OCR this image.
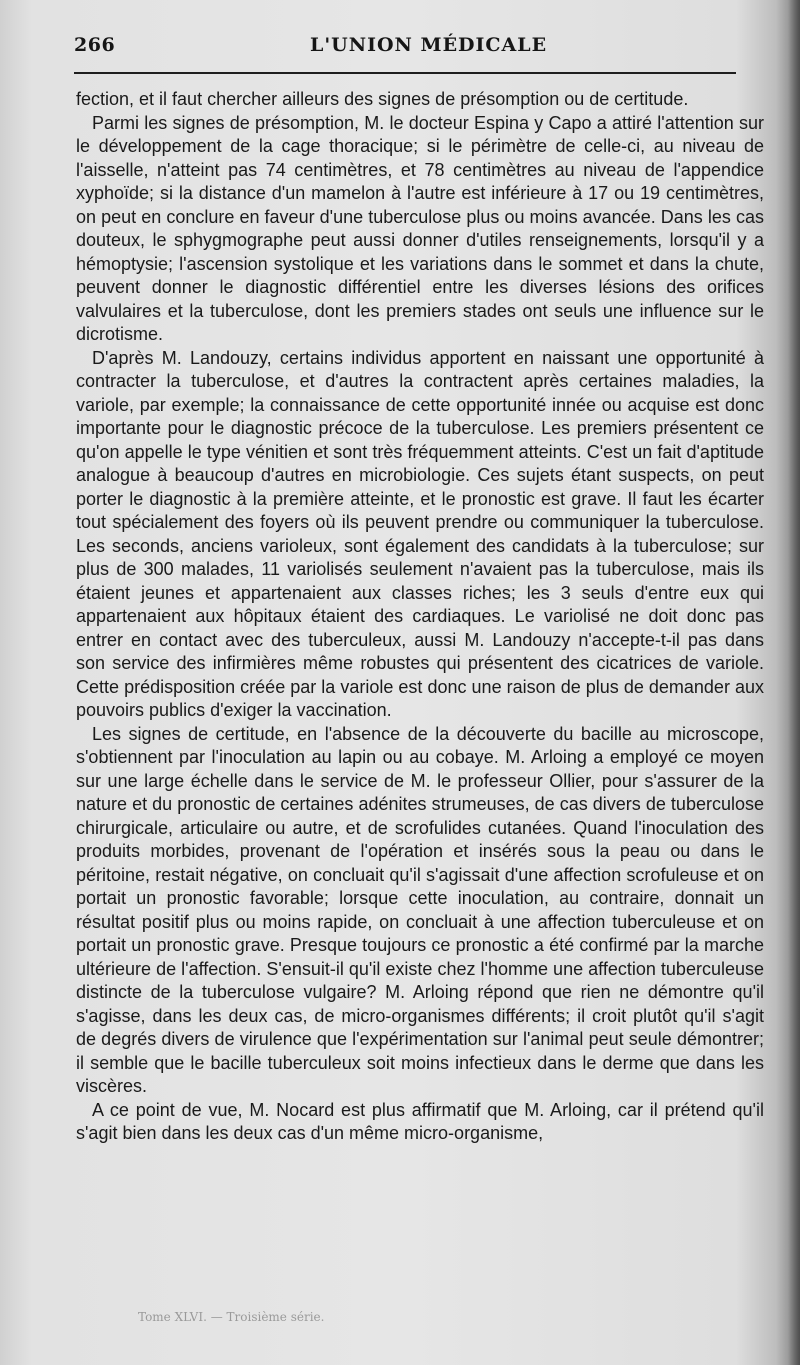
266	L'UNION MÉDICALE

fection, et il faut chercher ailleurs des signes de présomption ou de certitude.

Parmi les signes de présomption, M. le docteur Espina y Capo a attiré l'attention sur le développement de la cage thoracique; si le périmètre de celle-ci, au niveau de l'aisselle, n'atteint pas 74 centimètres, et 78 centimètres au niveau de l'appendice xyphoïde; si la distance d'un mamelon à l'autre est inférieure à 17 ou 19 centimètres, on peut en conclure en faveur d'une tuberculose plus ou moins avancée. Dans les cas douteux, le sphygmographe peut aussi donner d'utiles renseignements, lorsqu'il y a hémoptysie; l'ascension systolique et les variations dans le sommet et dans la chute, peuvent donner le diagnostic différentiel entre les diverses lésions des orifices valvulaires et la tuberculose, dont les premiers stades ont seuls une influence sur le dicrotisme.

D'après M. Landouzy, certains individus apportent en naissant une opportunité à contracter la tuberculose, et d'autres la contractent après certaines maladies, la variole, par exemple; la connaissance de cette opportunité innée ou acquise est donc importante pour le diagnostic précoce de la tuberculose. Les premiers présentent ce qu'on appelle le type vénitien et sont très fréquemment atteints. C'est un fait d'aptitude analogue à beaucoup d'autres en microbiologie. Ces sujets étant suspects, on peut porter le diagnostic à la première atteinte, et le pronostic est grave. Il faut les écarter tout spécialement des foyers où ils peuvent prendre ou communiquer la tuberculose. Les seconds, anciens varioleux, sont également des candidats à la tuberculose; sur plus de 300 malades, 11 variolisés seulement n'avaient pas la tuberculose, mais ils étaient jeunes et appartenaient aux classes riches; les 3 seuls d'entre eux qui appartenaient aux hôpitaux étaient des cardiaques. Le variolisé ne doit donc pas entrer en contact avec des tuberculeux, aussi M. Landouzy n'accepte-t-il pas dans son service des infirmières même robustes qui présentent des cicatrices de variole. Cette prédisposition créée par la variole est donc une raison de plus de demander aux pouvoirs publics d'exiger la vaccination.

Les signes de certitude, en l'absence de la découverte du bacille au microscope, s'obtiennent par l'inoculation au lapin ou au cobaye. M. Arloing a employé ce moyen sur une large échelle dans le service de M. le professeur Ollier, pour s'assurer de la nature et du pronostic de certaines adénites strumeuses, de cas divers de tuberculose chirurgicale, articulaire ou autre, et de scrofulides cutanées. Quand l'inoculation des produits morbides, provenant de l'opération et insérés sous la peau ou dans le péritoine, restait négative, on concluait qu'il s'agissait d'une affection scrofuleuse et on portait un pronostic favorable; lorsque cette inoculation, au contraire, donnait un résultat positif plus ou moins rapide, on concluait à une affection tuberculeuse et on portait un pronostic grave. Presque toujours ce pronostic a été confirmé par la marche ultérieure de l'affection. S'ensuit-il qu'il existe chez l'homme une affection tuberculeuse distincte de la tuberculose vulgaire? M. Arloing répond que rien ne démontre qu'il s'agisse, dans les deux cas, de micro-organismes différents; il croit plutôt qu'il s'agit de degrés divers de virulence que l'expérimentation sur l'animal peut seule démontrer; il semble que le bacille tuberculeux soit moins infectieux dans le derme que dans les viscères.

A ce point de vue, M. Nocard est plus affirmatif que M. Arloing, car il prétend qu'il s'agit bien dans les deux cas d'un même micro-organisme,

Tome XLVI. — Troisième série.
